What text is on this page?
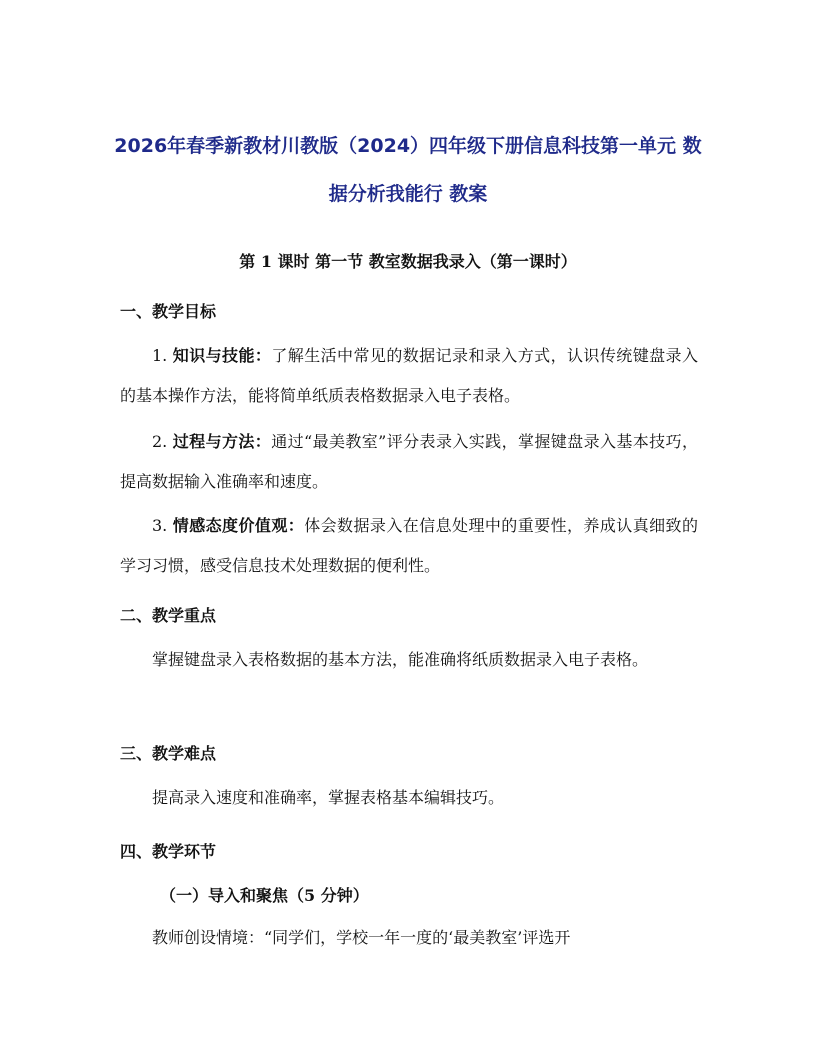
2026年春季新教材川教版（2024）四年级下册信息科技第一单元 数
据分析我能行 教案
第 1 课时 第一节 教室数据我录入（第一课时）
一、教学目标

1. 知识与技能：了解生活中常见的数据记录和录入方式，认识传统键盘录入的基本操作方法，能将简单纸质表格数据录入电子表格。

2. 过程与方法：通过“最美教室”评分表录入实践，掌握键盘录入基本技巧，提高数据输入准确率和速度。

3. 情感态度价值观：体会数据录入在信息处理中的重要性，养成认真细致的学习习惯，感受信息技术处理数据的便利性。

二、教学重点

掌握键盘录入表格数据的基本方法，能准确将纸质数据录入电子表格。

三、教学难点

提高录入速度和准确率，掌握表格基本编辑技巧。

四、教学环节
（一）导入和聚焦（5 分钟）

教师创设情境：“同学们，学校一年一度的‘最美教室’评选开
